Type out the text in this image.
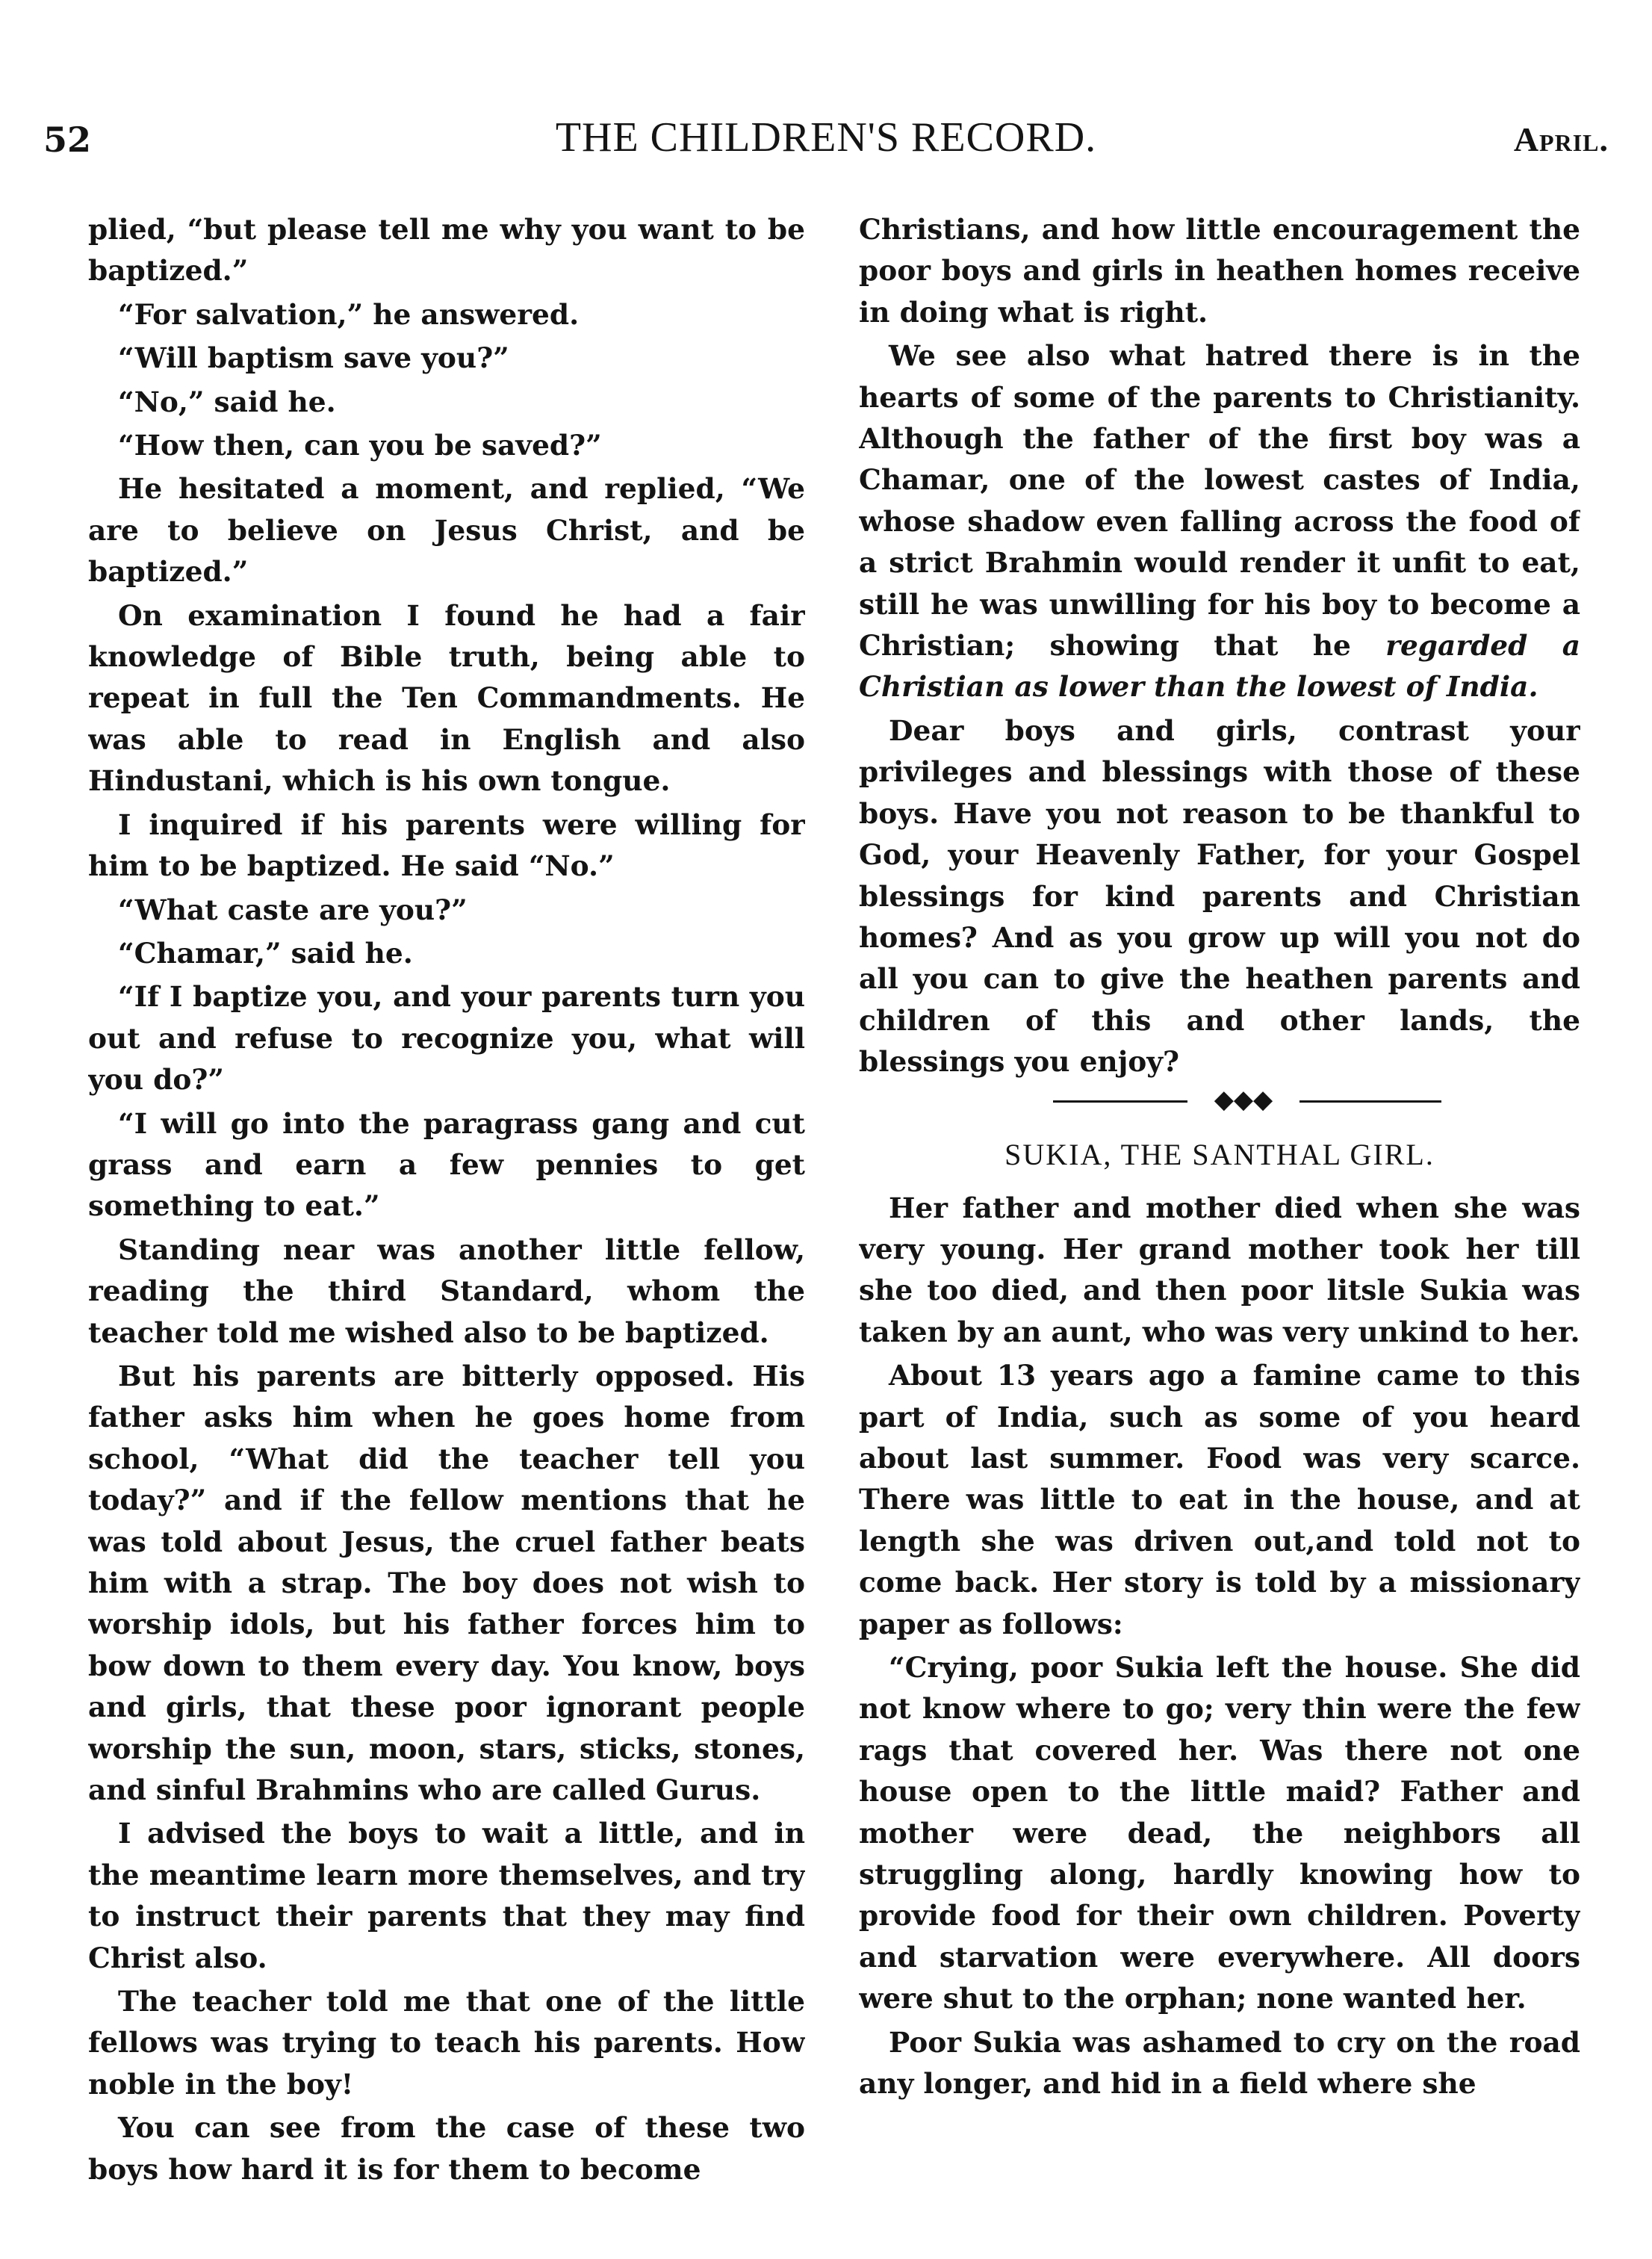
52	THE CHILDREN'S RECORD.	April.

plied, “but please tell me why you want to be baptized.”

“For salvation,” he answered.

“Will baptism save you?”

“No,” said he.

“How then, can you be saved?”

He hesitated a moment, and replied, “We are to believe on Jesus Christ, and be baptized.”

On examination I found he had a fair knowledge of Bible truth, being able to repeat in full the Ten Commandments. He was able to read in English and also Hindustani, which is his own tongue.

I inquired if his parents were willing for him to be baptized. He said “No.”

“What caste are you?”

“Chamar,” said he.

“If I baptize you, and your parents turn you out and refuse to recognize you, what will you do?”

“I will go into the paragrass gang and cut grass and earn a few pennies to get something to eat.”

Standing near was another little fellow, reading the third Standard, whom the teacher told me wished also to be baptized.

But his parents are bitterly opposed. His father asks him when he goes home from school, “What did the teacher tell you today?” and if the fellow mentions that he was told about Jesus, the cruel father beats him with a strap. The boy does not wish to worship idols, but his father forces him to bow down to them every day. You know, boys and girls, that these poor ignorant people worship the sun, moon, stars, sticks, stones, and sinful Brahmins who are called Gurus.

I advised the boys to wait a little, and in the meantime learn more themselves, and try to instruct their parents that they may find Christ also.

The teacher told me that one of the little fellows was trying to teach his parents. How noble in the boy!

You can see from the case of these two boys how hard it is for them to become

Christians, and how little encouragement the poor boys and girls in heathen homes receive in doing what is right.

We see also what hatred there is in the hearts of some of the parents to Christianity. Although the father of the first boy was a Chamar, one of the lowest castes of India, whose shadow even falling across the food of a strict Brahmin would render it unfit to eat, still he was unwilling for his boy to become a Christian; showing that he regarded a Christian as lower than the lowest of India.

Dear boys and girls, contrast your privileges and blessings with those of these boys. Have you not reason to be thankful to God, your Heavenly Father, for your Gospel blessings for kind parents and Christian homes? And as you grow up will you not do all you can to give the heathen parents and children of this and other lands, the blessings you enjoy?

◆◆◆
SUKIA, THE SANTHAL GIRL.

Her father and mother died when she was very young. Her grand mother took her till she too died, and then poor litsle Sukia was taken by an aunt, who was very unkind to her.

About 13 years ago a famine came to this part of India, such as some of you heard about last summer. Food was very scarce. There was little to eat in the house, and at length she was driven out,and told not to come back. Her story is told by a missionary paper as follows:

“Crying, poor Sukia left the house. She did not know where to go; very thin were the few rags that covered her. Was there not one house open to the little maid? Father and mother were dead, the neighbors all struggling along, hardly knowing how to provide food for their own children. Poverty and starvation were everywhere. All doors were shut to the orphan; none wanted her.

Poor Sukia was ashamed to cry on the road any longer, and hid in a field where she
